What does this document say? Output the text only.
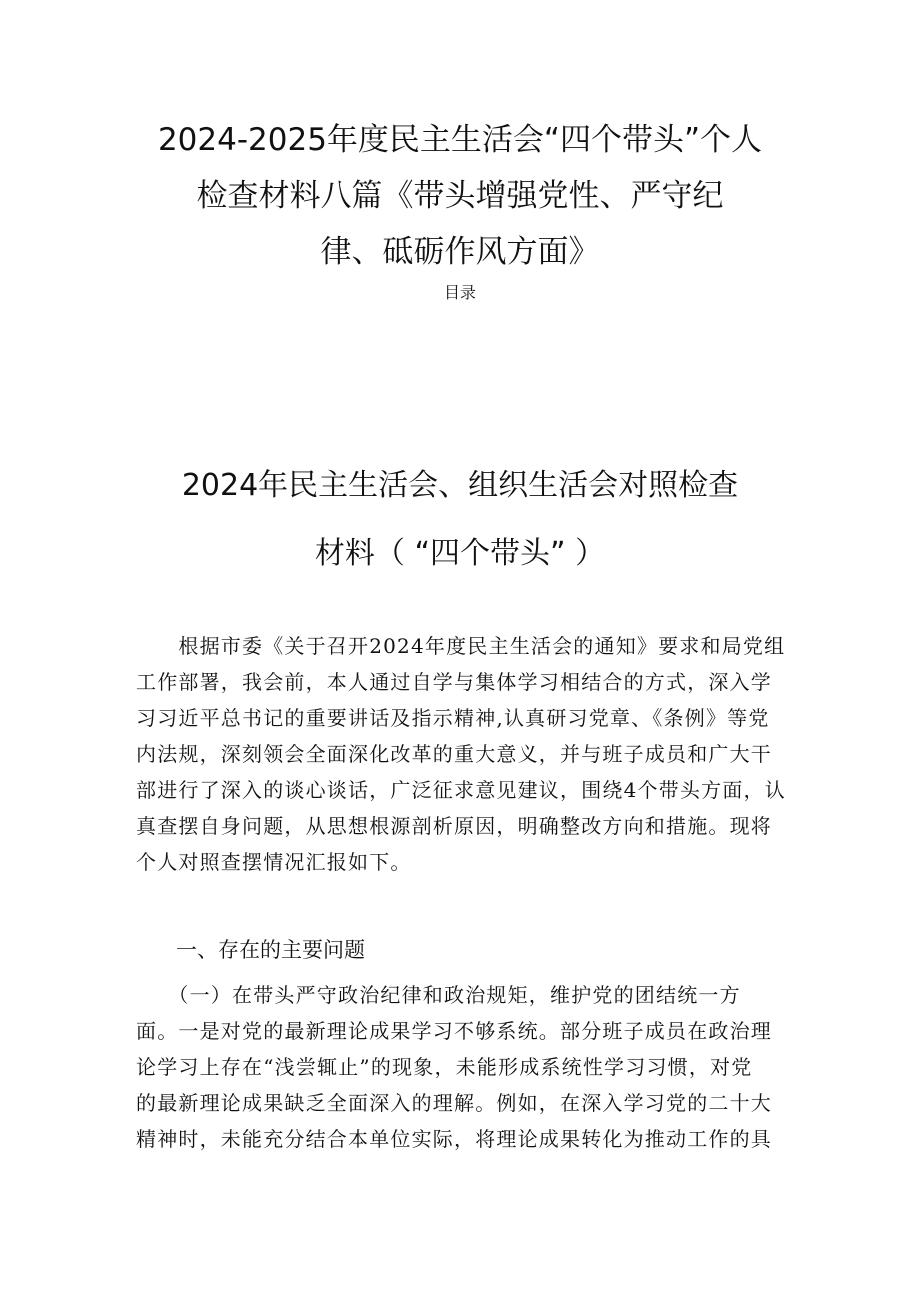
2024-2025年度民主生活会“四个带头”个人
检查材料八篇《带头增强党性、严守纪
律、砥砺作风方面》
目录
2024年民主生活会、组织生活会对照检查
材料（ “四个带头” ）

　　根据市委《关于召开2024年度民主生活会的通知》要求和局党组
工作部署，我会前，本人通过自学与集体学习相结合的方式，深入学
习习近平总书记的重要讲话及指示精神,认真研习党章、《条例》等党
内法规，深刻领会全面深化改革的重大意义，并与班子成员和广大干
部进行了深入的谈心谈话，广泛征求意见建议，围绕4个带头方面，认
真查摆自身问题，从思想根源剖析原因，明确整改方向和措施。现将
个人对照查摆情况汇报如下。

一、存在的主要问题

　　（一）在带头严守政治纪律和政治规矩，维护党的团结统一方
面。一是对党的最新理论成果学习不够系统。部分班子成员在政治理
论学习上存在“浅尝辄止”的现象，未能形成系统性学习习惯，对党
的最新理论成果缺乏全面深入的理解。例如，在深入学习党的二十大
精神时，未能充分结合本单位实际，将理论成果转化为推动工作的具
